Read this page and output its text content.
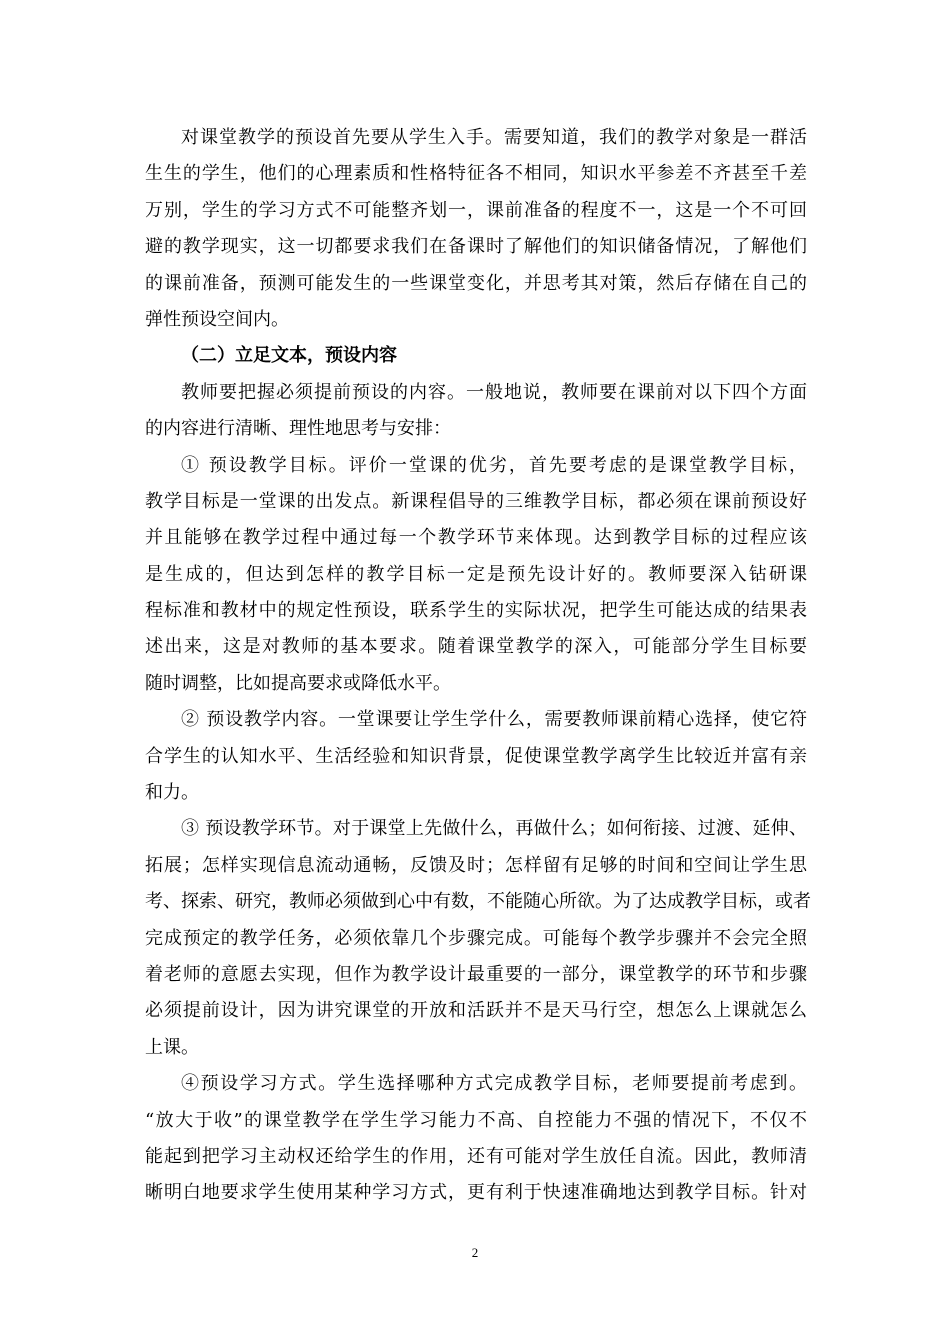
对课堂教学的预设首先要从学生入手。需要知道，我们的教学对象是一群活
生生的学生，他们的心理素质和性格特征各不相同，知识水平参差不齐甚至千差
万别，学生的学习方式不可能整齐划一，课前准备的程度不一，这是一个不可回
避的教学现实，这一切都要求我们在备课时了解他们的知识储备情况，了解他们
的课前准备，预测可能发生的一些课堂变化，并思考其对策，然后存储在自己的
弹性预设空间内。
（二）立足文本，预设内容
教师要把握必须提前预设的内容。一般地说，教师要在课前对以下四个方面
的内容进行清晰、理性地思考与安排：
① 预设教学目标。评价一堂课的优劣，首先要考虑的是课堂教学目标，
教学目标是一堂课的出发点。新课程倡导的三维教学目标，都必须在课前预设好
并且能够在教学过程中通过每一个教学环节来体现。达到教学目标的过程应该
是生成的，但达到怎样的教学目标一定是预先设计好的。教师要深入钻研课
程标准和教材中的规定性预设，联系学生的实际状况，把学生可能达成的结果表
述出来，这是对教师的基本要求。随着课堂教学的深入，可能部分学生目标要
随时调整，比如提高要求或降低水平。
② 预设教学内容。一堂课要让学生学什么，需要教师课前精心选择，使它符
合学生的认知水平、生活经验和知识背景，促使课堂教学离学生比较近并富有亲
和力。
③ 预设教学环节。对于课堂上先做什么，再做什么；如何衔接、过渡、延伸、
拓展；怎样实现信息流动通畅，反馈及时；怎样留有足够的时间和空间让学生思
考、探索、研究，教师必须做到心中有数，不能随心所欲。为了达成教学目标，或者
完成预定的教学任务，必须依靠几个步骤完成。可能每个教学步骤并不会完全照
着老师的意愿去实现，但作为教学设计最重要的一部分，课堂教学的环节和步骤
必须提前设计，因为讲究课堂的开放和活跃并不是天马行空，想怎么上课就怎么
上课。
④预设学习方式。学生选择哪种方式完成教学目标，老师要提前考虑到。
“放大于收”的课堂教学在学生学习能力不高、自控能力不强的情况下，不仅不
能起到把学习主动权还给学生的作用，还有可能对学生放任自流。因此，教师清
晰明白地要求学生使用某种学习方式，更有利于快速准确地达到教学目标。针对
2
